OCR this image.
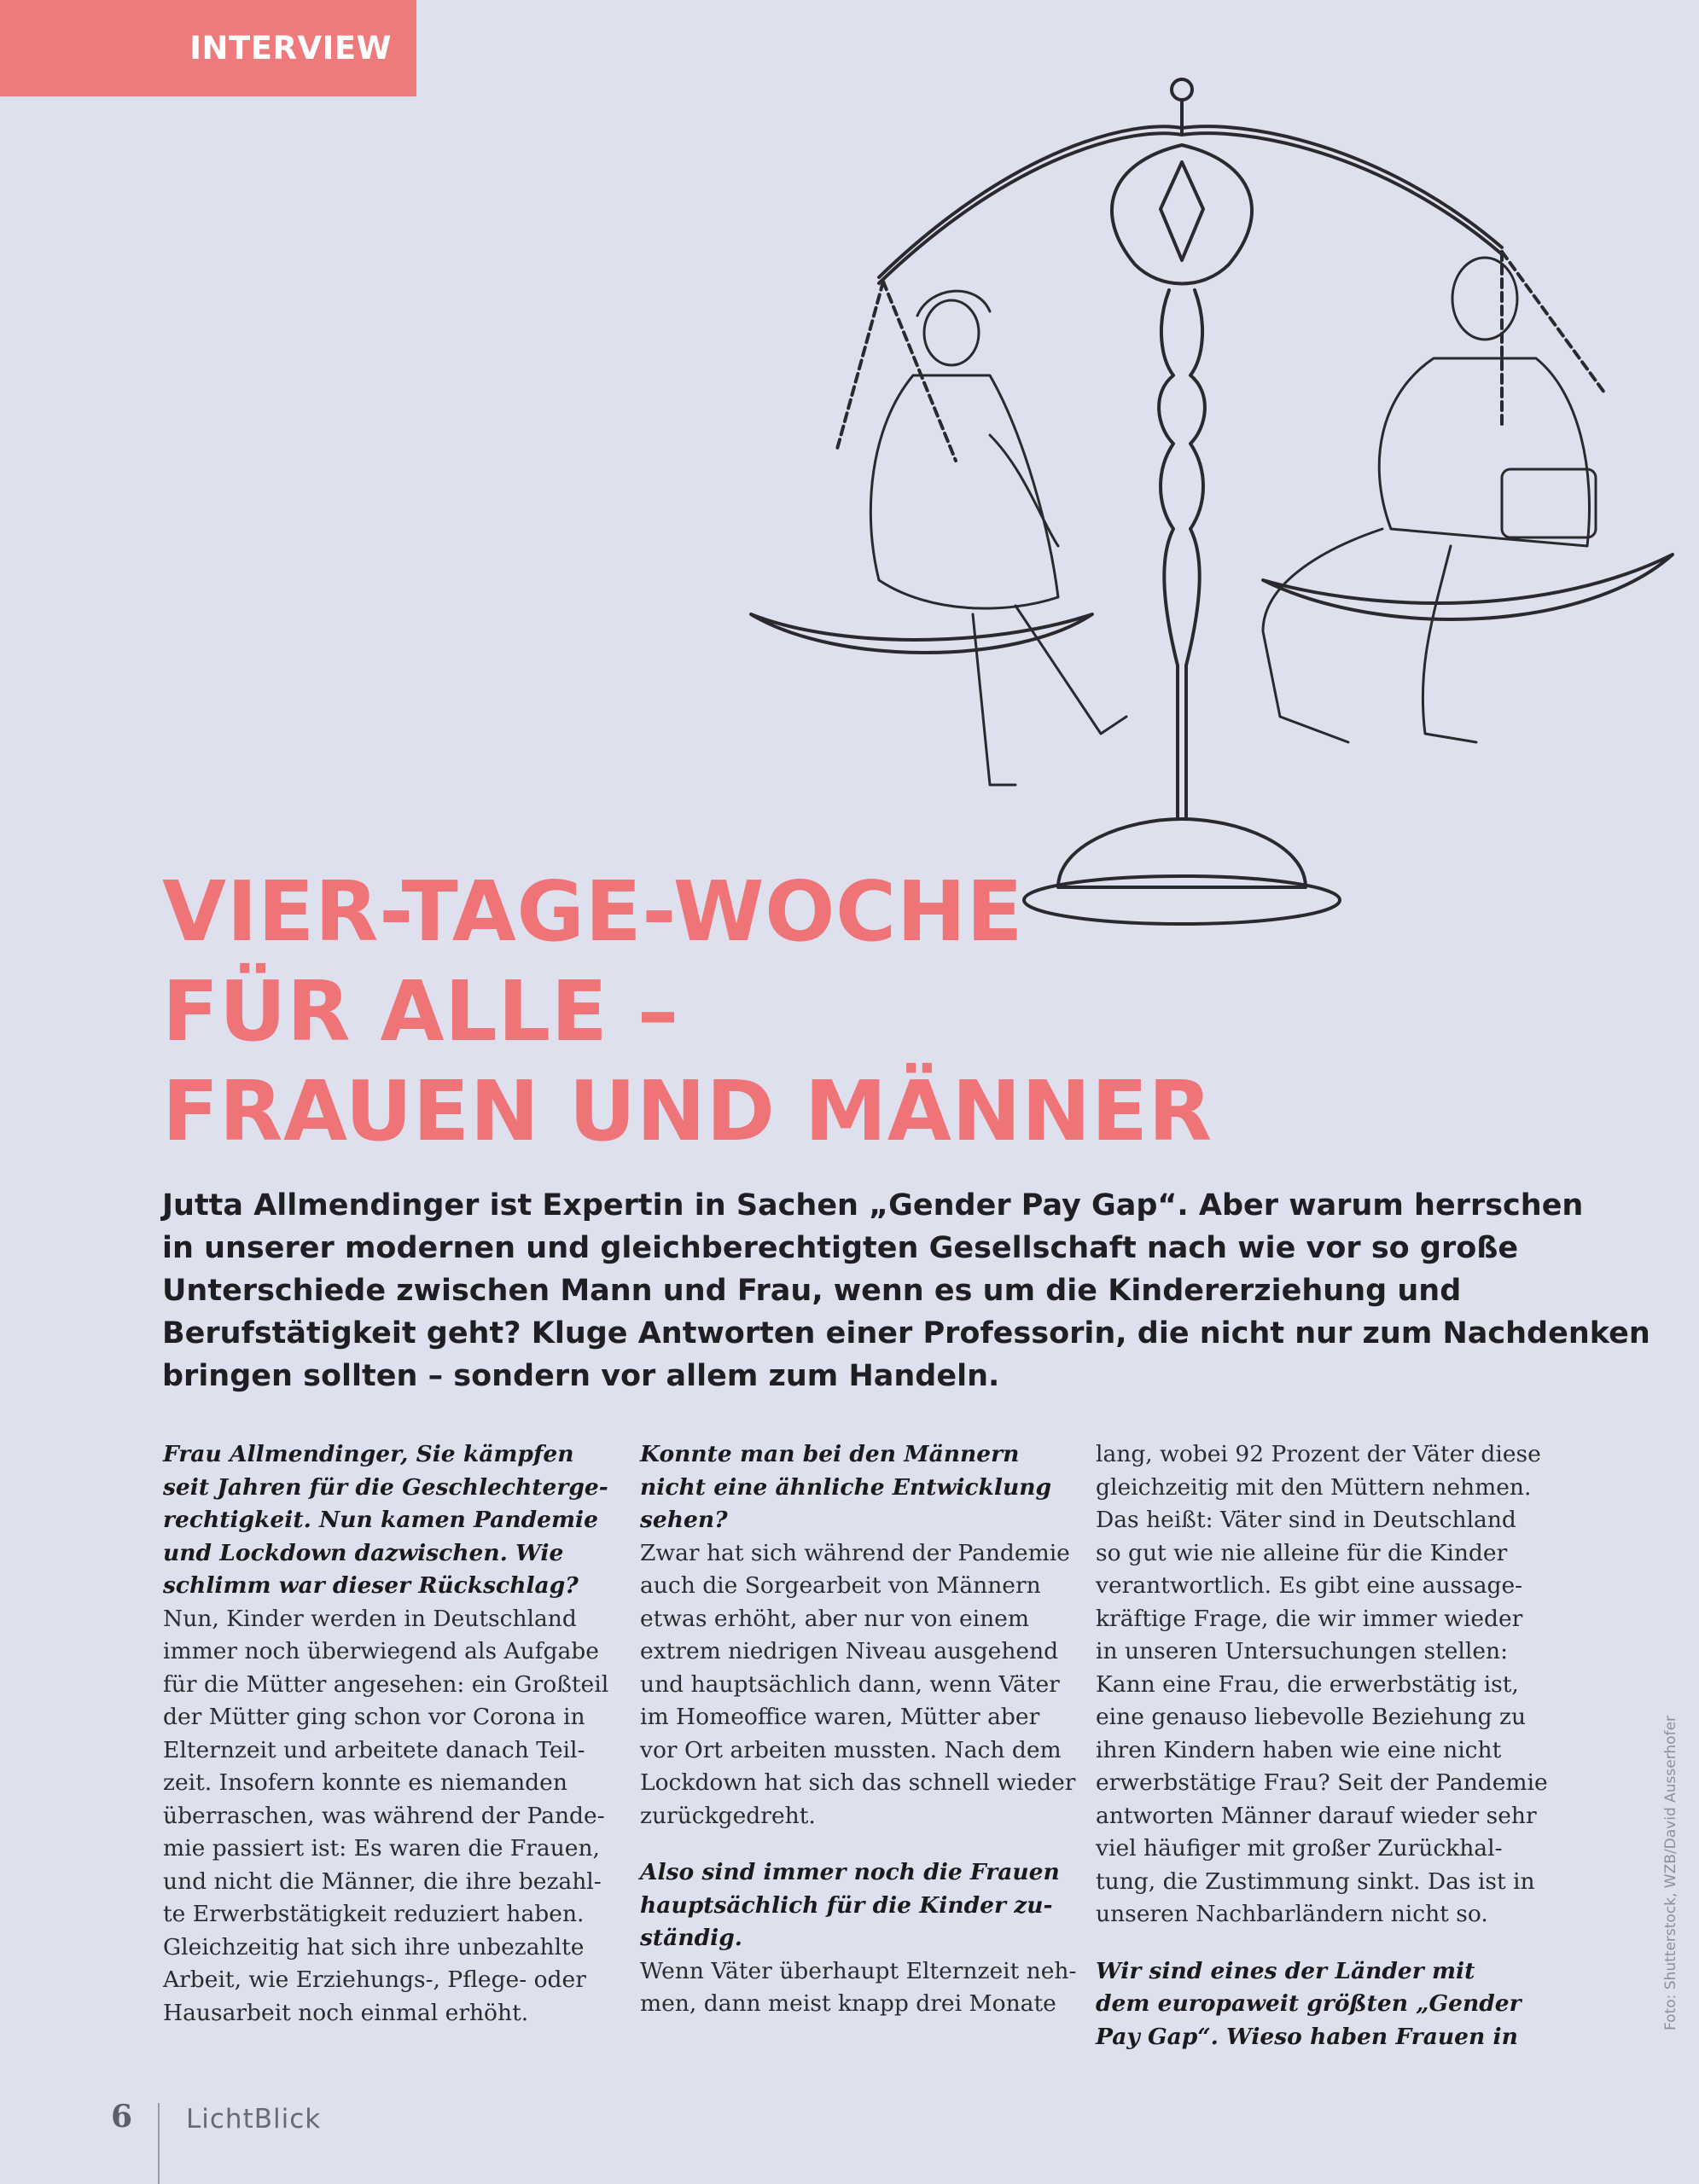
INTERVIEW
VIER-TAGE-WOCHE
FÜR ALLE –
FRAUEN UND MÄNNER

Jutta Allmendinger ist Expertin in Sachen „Gender Pay Gap“. Aber warum herrschen
in unserer modernen und gleichberechtigten Gesellschaft nach wie vor so große
Unterschiede zwischen Mann und Frau, wenn es um die Kindererziehung und
Berufstätigkeit geht? Kluge Antworten einer Professorin, die nicht nur zum Nachdenken
bringen sollten – sondern vor allem zum Handeln.

Frau Allmendinger, Sie kämpfen
seit Jahren für die Geschlechterge-
rechtigkeit. Nun kamen Pandemie
und Lockdown dazwischen. Wie
schlimm war dieser Rückschlag?
Nun, Kinder werden in Deutschland
immer noch überwiegend als Aufgabe
für die Mütter angesehen: ein Großteil
der Mütter ging schon vor Corona in
Elternzeit und arbeitete danach Teil-
zeit. Insofern konnte es niemanden
überraschen, was während der Pande-
mie passiert ist: Es waren die Frauen,
und nicht die Männer, die ihre bezahl-
te Erwerbstätigkeit reduziert haben.
Gleichzeitig hat sich ihre unbezahlte
Arbeit, wie Erziehungs-, Pflege- oder
Hausarbeit noch einmal erhöht.
Konnte man bei den Männern
nicht eine ähnliche Entwicklung
sehen?
Zwar hat sich während der Pandemie
auch die Sorgearbeit von Männern
etwas erhöht, aber nur von einem
extrem niedrigen Niveau ausgehend
und hauptsächlich dann, wenn Väter
im Homeoffice waren, Mütter aber
vor Ort arbeiten mussten. Nach dem
Lockdown hat sich das schnell wieder
zurückgedreht.
Also sind immer noch die Frauen
hauptsächlich für die Kinder zu-
ständig.
Wenn Väter überhaupt Elternzeit neh-
men, dann meist knapp drei Monate
lang, wobei 92 Prozent der Väter diese
gleichzeitig mit den Müttern nehmen.
Das heißt: Väter sind in Deutschland
so gut wie nie alleine für die Kinder
verantwortlich. Es gibt eine aussage-
kräftige Frage, die wir immer wieder
in unseren Untersuchungen stellen:
Kann eine Frau, die erwerbstätig ist,
eine genauso liebevolle Beziehung zu
ihren Kindern haben wie eine nicht
erwerbstätige Frau? Seit der Pandemie
antworten Männer darauf wieder sehr
viel häufiger mit großer Zurückhal-
tung, die Zustimmung sinkt. Das ist in
unseren Nachbarländern nicht so.
Wir sind eines der Länder mit
dem europaweit größten „Gender
Pay Gap“. Wieso haben Frauen in
Foto: Shutterstock, WZB/David Ausserhofer
6 LichtBlick
